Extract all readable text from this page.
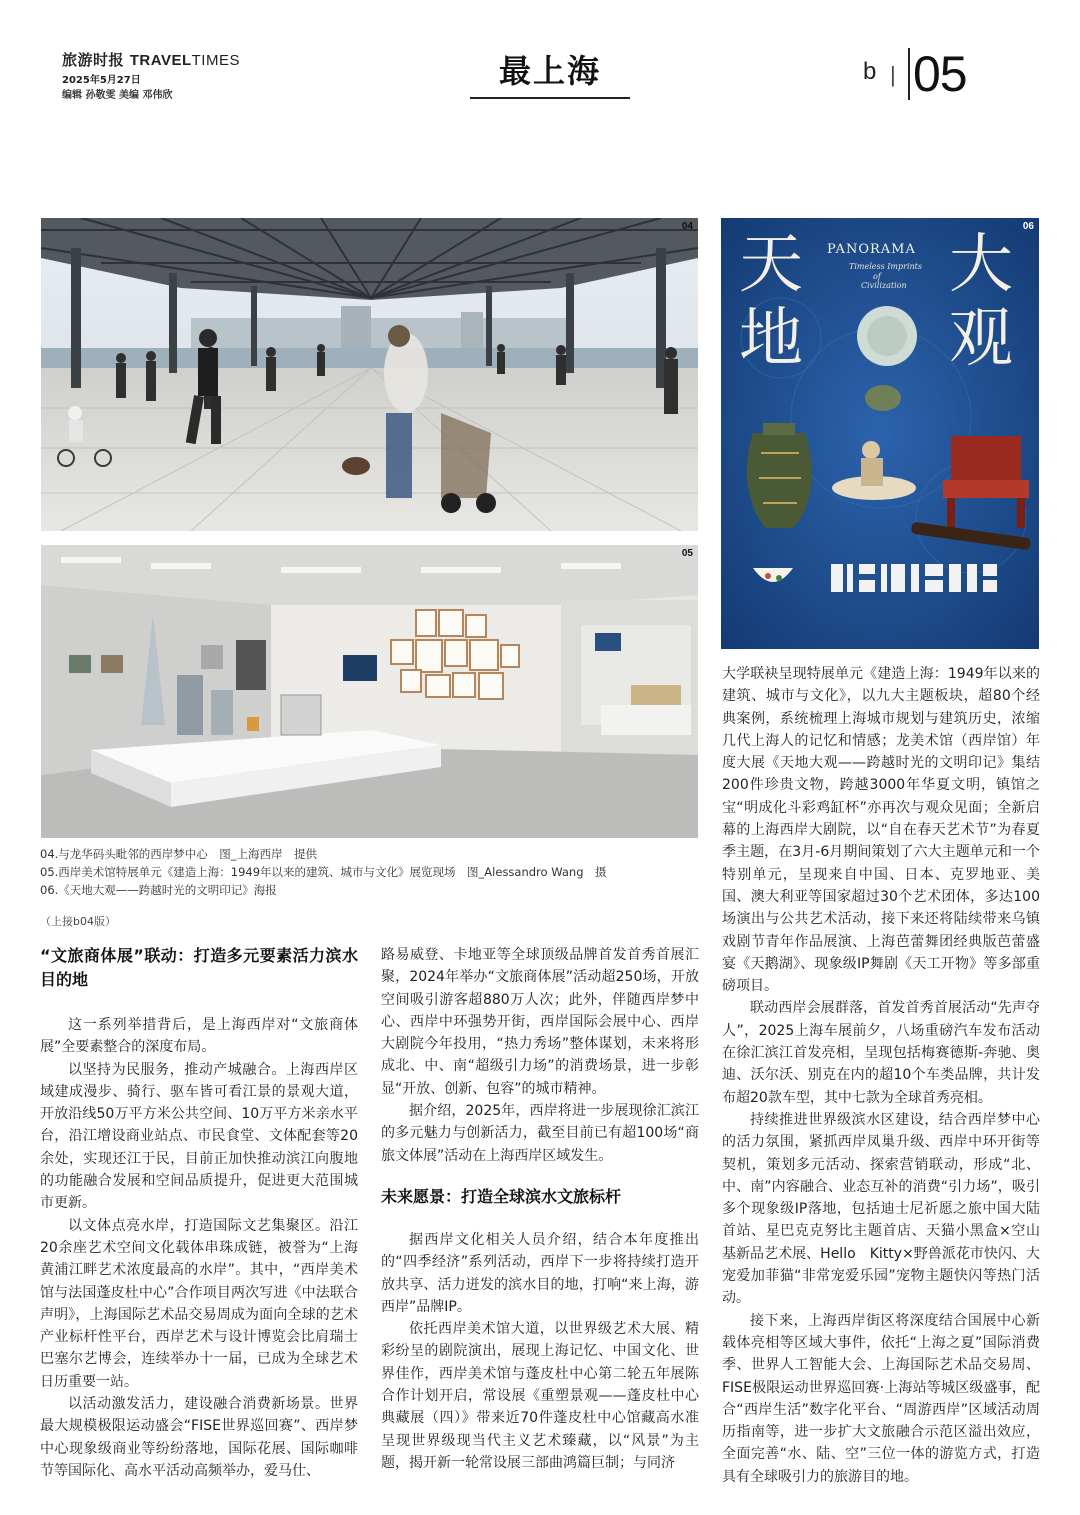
旅游时报 TRAVELTIMES
2025年5月27日
编辑 孙敬雯 美编 邓伟欣
最上海	b | 05
04
05
天
地
大
观
PANORAMA
Timeless Imprints
of
Civilization
06
04.与龙华码头毗邻的西岸梦中心　图_上海西岸　提供
05.西岸美术馆特展单元《建造上海：1949年以来的建筑、城市与文化》展览现场　图_Alessandro Wang　摄
06.《天地大观——跨越时光的文明印记》海报
（上接b04版）
“文旅商体展”联动：打造多元要素活力滨水目的地

这一系列举措背后，是上海西岸对“文旅商体展”全要素整合的深度布局。

以坚持为民服务，推动产城融合。上海西岸区域建成漫步、骑行、驱车皆可看江景的景观大道，开放沿线50万平方米公共空间、10万平方米亲水平台，沿江增设商业站点、市民食堂、文体配套等20余处，实现还江于民，目前正加快推动滨江向腹地的功能融合发展和空间品质提升，促进更大范围城市更新。

以文体点亮水岸，打造国际文艺集聚区。沿江20余座艺术空间文化载体串珠成链，被誉为“上海黄浦江畔艺术浓度最高的水岸”。其中，“西岸美术馆与法国蓬皮杜中心”合作项目两次写进《中法联合声明》，上海国际艺术品交易周成为面向全球的艺术产业标杆性平台，西岸艺术与设计博览会比肩瑞士巴塞尔艺博会，连续举办十一届，已成为全球艺术日历重要一站。

以活动激发活力，建设融合消费新场景。世界最大规模极限运动盛会“FISE世界巡回赛”、西岸梦中心现象级商业等纷纷落地，国际花展、国际咖啡节等国际化、高水平活动高频举办，爱马仕、

路易威登、卡地亚等全球顶级品牌首发首秀首展汇聚，2024年举办“文旅商体展”活动超250场，开放空间吸引游客超880万人次；此外，伴随西岸梦中心、西岸中环强势开街，西岸国际会展中心、西岸大剧院今年投用，“热力秀场”整体谋划，未来将形成北、中、南“超级引力场”的消费场景，进一步彰显“开放、创新、包容”的城市精神。

据介绍，2025年，西岸将进一步展现徐汇滨江的多元魅力与创新活力，截至目前已有超100场“商旅文体展”活动在上海西岸区域发生。

未来愿景：打造全球滨水文旅标杆

据西岸文化相关人员介绍，结合本年度推出的“四季经济”系列活动，西岸下一步将持续打造开放共享、活力迸发的滨水目的地，打响“来上海，游西岸”品牌IP。

依托西岸美术馆大道，以世界级艺术大展、精彩纷呈的剧院演出，展现上海记忆、中国文化、世界佳作，西岸美术馆与蓬皮杜中心第二轮五年展陈合作计划开启，常设展《重塑景观——蓬皮杜中心典藏展（四）》带来近70件蓬皮杜中心馆藏高水准呈现世界级现当代主义艺术臻藏，以“风景”为主题，揭开新一轮常设展三部曲鸿篇巨制；与同济

大学联袂呈现特展单元《建造上海：1949年以来的建筑、城市与文化》，以九大主题板块，超80个经典案例，系统梳理上海城市规划与建筑历史，浓缩几代上海人的记忆和情感；龙美术馆（西岸馆）年度大展《天地大观——跨越时光的文明印记》集结200件珍贵文物，跨越3000年华夏文明，镇馆之宝“明成化斗彩鸡缸杯”亦再次与观众见面；全新启幕的上海西岸大剧院，以“自在春天艺术节”为春夏季主题，在3月-6月期间策划了六大主题单元和一个特别单元，呈现来自中国、日本、克罗地亚、美国、澳大利亚等国家超过30个艺术团体，多达100场演出与公共艺术活动，接下来还将陆续带来乌镇戏剧节青年作品展演、上海芭蕾舞团经典版芭蕾盛宴《天鹅湖》、现象级IP舞剧《天工开物》等多部重磅项目。

联动西岸会展群落，首发首秀首展活动“先声夺人”，2025上海车展前夕，八场重磅汽车发布活动在徐汇滨江首发亮相，呈现包括梅赛德斯-奔驰、奥迪、沃尔沃、别克在内的超10个车类品牌，共计发布超20款车型，其中七款为全球首秀亮相。

持续推进世界级滨水区建设，结合西岸梦中心的活力氛围，紧抓西岸凤巢升级、西岸中环开街等契机，策划多元活动、探索营销联动，形成“北、中、南”内容融合、业态互补的消费“引力场”，吸引多个现象级IP落地，包括迪士尼祈愿之旅中国大陆首站、星巴克克努比主题首店、天猫小黑盒×空山基新品艺术展、Hello　Kitty×野兽派花市快闪、大宠爱加菲猫“非常宠爱乐园”宠物主题快闪等热门活动。

接下来，上海西岸街区将深度结合国展中心新载体亮相等区域大事件，依托“上海之夏”国际消费季、世界人工智能大会、上海国际艺术品交易周、FISE极限运动世界巡回赛·上海站等城区级盛事，配合“西岸生活”数字化平台、“周游西岸”区域活动周历指南等，进一步扩大文旅融合示范区溢出效应，全面完善“水、陆、空”三位一体的游览方式，打造具有全球吸引力的旅游目的地。
